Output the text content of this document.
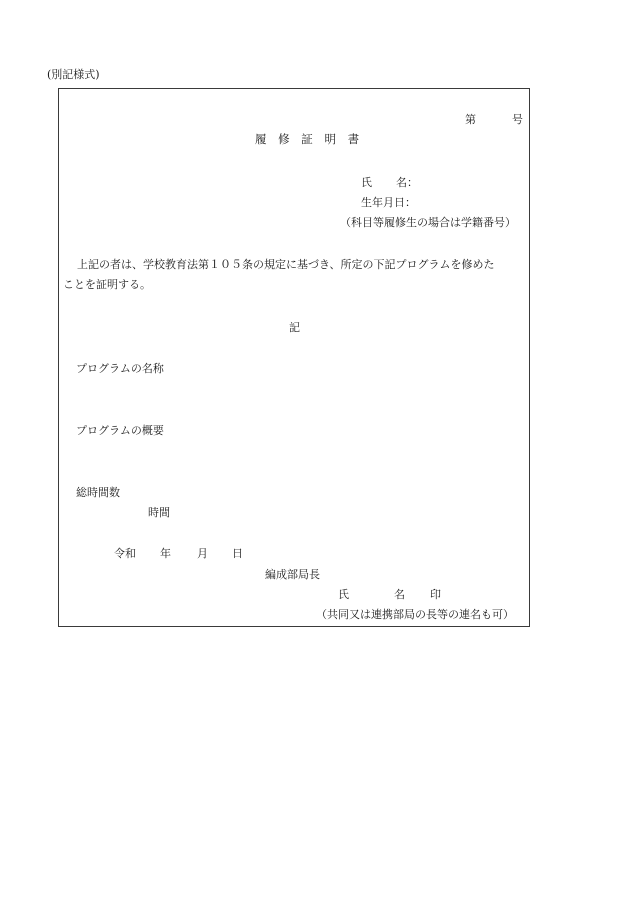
(別記様式)
第	号
履 修 証 明 書
氏 名：
生年月日：
（科目等履修生の場合は学籍番号）
上記の者は、学校教育法第１０５条の規定に基づき、所定の下記プログラムを修めた
ことを証明する。
記
プログラムの名称
プログラムの概要
総時間数
時間
令和 年 月 日
編成部局長
氏	名 印
（共同又は連携部局の長等の連名も可）
